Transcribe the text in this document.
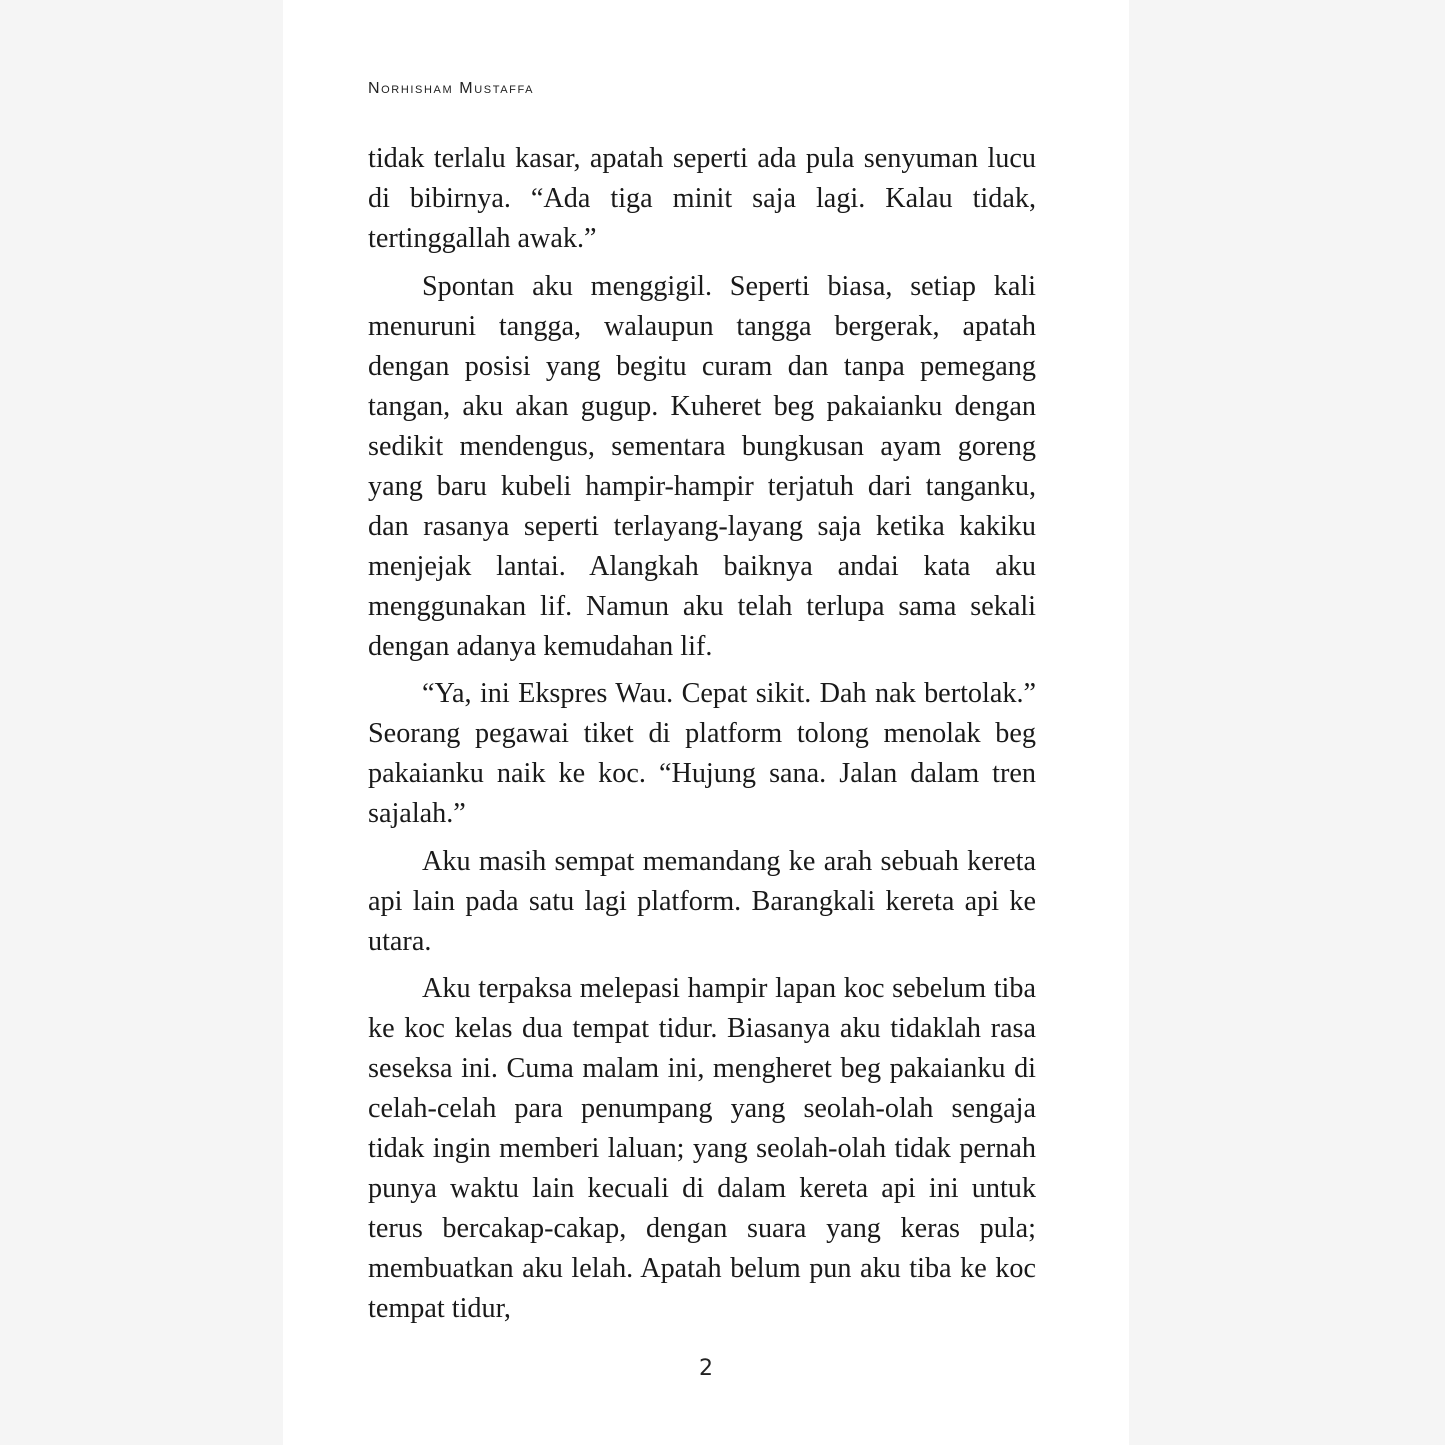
Norhisham Mustaffa

tidak terlalu kasar, apatah seperti ada pula senyuman lucu di bibirnya. “Ada tiga minit saja lagi. Kalau tidak, tertinggallah awak.”

Spontan aku menggigil. Seperti biasa, setiap kali menuruni tangga, walaupun tangga bergerak, apatah dengan posisi yang begitu curam dan tanpa pemegang tangan, aku akan gugup. Kuheret beg pakaianku dengan sedikit mendengus, sementara bungkusan ayam goreng yang baru kubeli hampir-hampir terjatuh dari tanganku, dan rasanya seperti terlayang-layang saja ketika kakiku menjejak lantai. Alangkah baiknya andai kata aku menggunakan lif. Namun aku telah terlupa sama sekali dengan adanya kemudahan lif.

“Ya, ini Ekspres Wau. Cepat sikit. Dah nak bertolak.” Seorang pegawai tiket di platform tolong menolak beg pakaianku naik ke koc. “Hujung sana. Jalan dalam tren sajalah.”

Aku masih sempat memandang ke arah sebuah kereta api lain pada satu lagi platform. Barangkali kereta api ke utara.

Aku terpaksa melepasi hampir lapan koc sebelum tiba ke koc kelas dua tempat tidur. Biasanya aku tidaklah rasa seseksa ini. Cuma malam ini, mengheret beg pakaianku di celah-celah para penumpang yang seolah-olah sengaja tidak ingin memberi laluan; yang seolah-olah tidak pernah punya waktu lain kecuali di dalam kereta api ini untuk terus bercakap-cakap, dengan suara yang keras pula; membuatkan aku lelah. Apatah belum pun aku tiba ke koc tempat tidur,

2
